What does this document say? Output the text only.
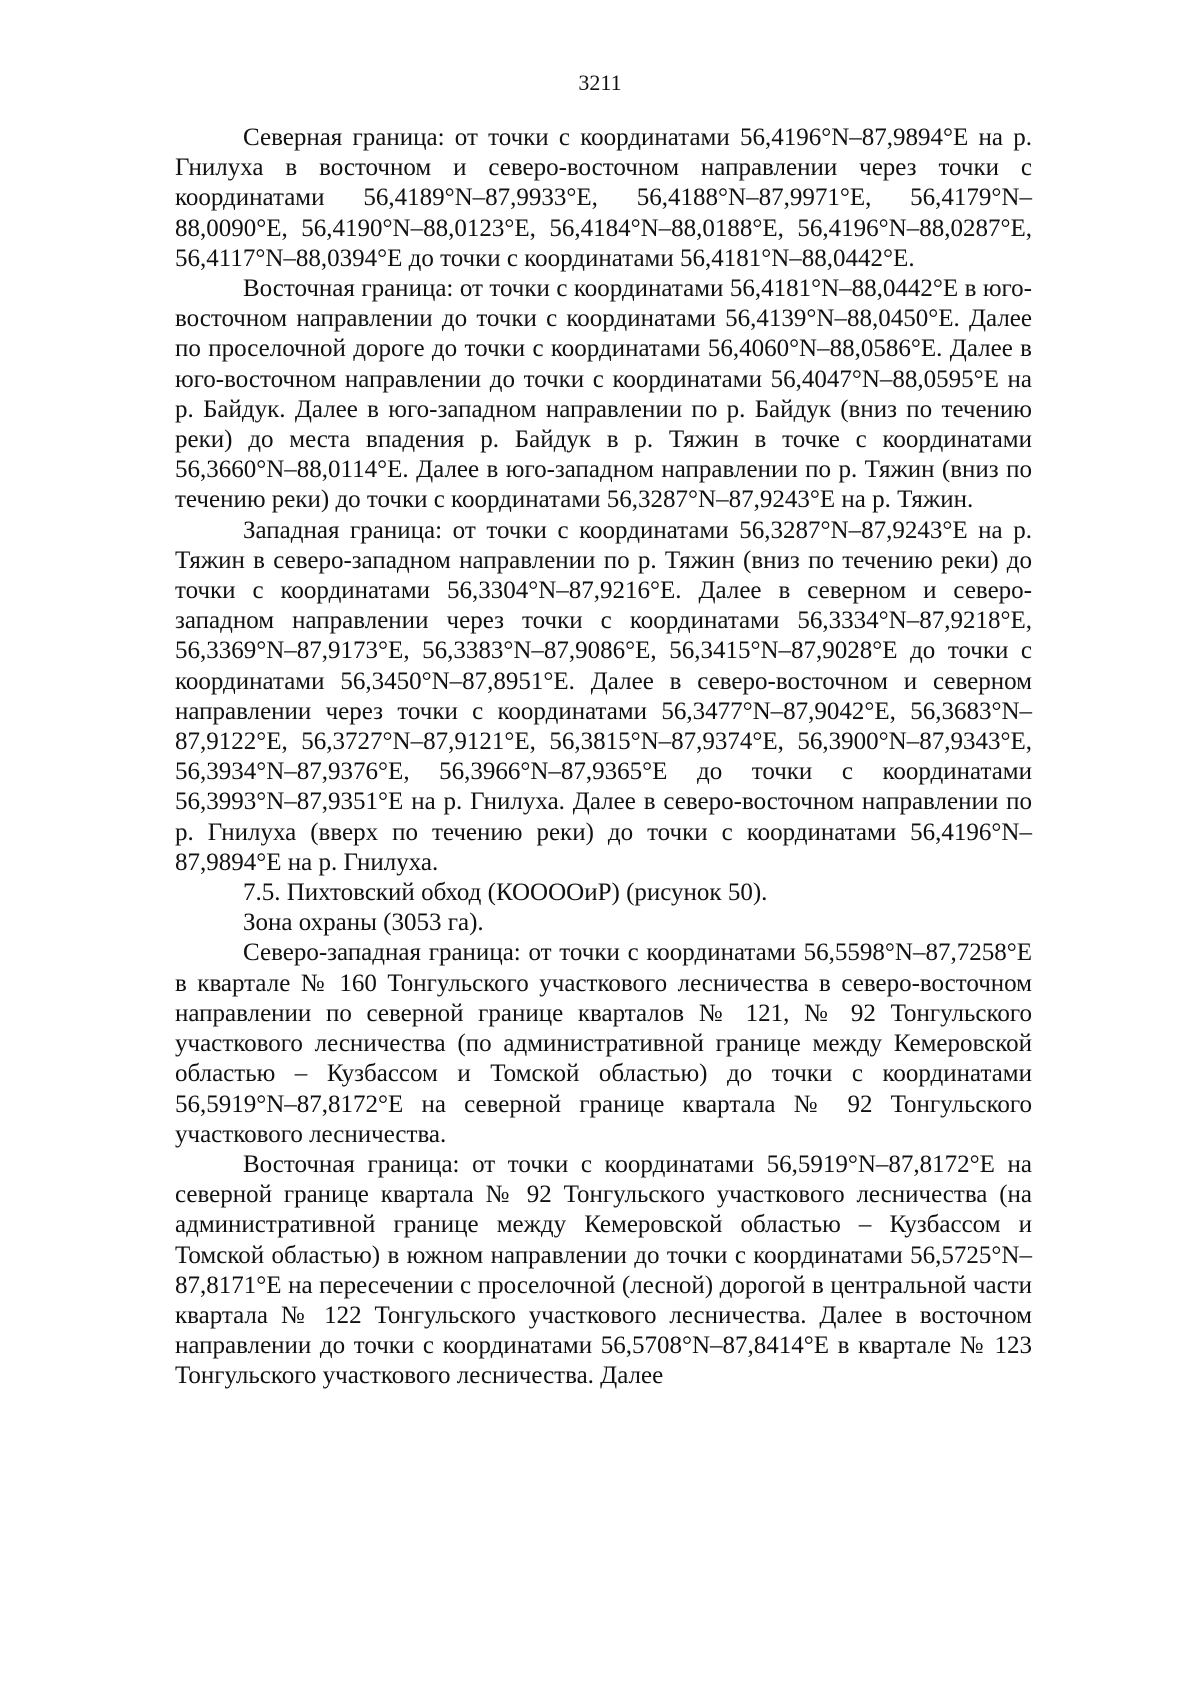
3211

Северная граница: от точки с координатами 56,4196°N–87,9894°E на р. Гнилуха в восточном и северо-восточном направлении через точки с координатами 56,4189°N–87,9933°E, 56,4188°N–87,9971°E, 56,4179°N–88,0090°E, 56,4190°N–88,0123°E, 56,4184°N–88,0188°E, 56,4196°N–88,0287°E, 56,4117°N–88,0394°E до точки с координатами 56,4181°N–88,0442°E.

Восточная граница: от точки с координатами 56,4181°N–88,0442°E в юго-восточном направлении до точки с координатами 56,4139°N–88,0450°E. Далее по проселочной дороге до точки с координатами 56,4060°N–88,0586°E. Далее в юго-восточном направлении до точки с координатами 56,4047°N–88,0595°E на р. Байдук. Далее в юго-западном направлении по р. Байдук (вниз по течению реки) до места впадения р. Байдук в р. Тяжин в точке с координатами 56,3660°N–88,0114°E. Далее в юго-западном направлении по р. Тяжин (вниз по течению реки) до точки с координатами 56,3287°N–87,9243°E на р. Тяжин.

Западная граница: от точки с координатами 56,3287°N–87,9243°E на р. Тяжин в северо-западном направлении по р. Тяжин (вниз по течению реки) до точки с координатами 56,3304°N–87,9216°E. Далее в северном и северо-западном направлении через точки с координатами 56,3334°N–87,9218°E, 56,3369°N–87,9173°E, 56,3383°N–87,9086°E, 56,3415°N–87,9028°E до точки с координатами 56,3450°N–87,8951°E. Далее в северо-восточном и северном направлении через точки с координатами 56,3477°N–87,9042°E, 56,3683°N–87,9122°E, 56,3727°N–87,9121°E, 56,3815°N–87,9374°E, 56,3900°N–87,9343°E, 56,3934°N–87,9376°E, 56,3966°N–87,9365°E до точки с координатами 56,3993°N–87,9351°E на р. Гнилуха. Далее в северо-восточном направлении по р. Гнилуха (вверх по течению реки) до точки с координатами 56,4196°N–87,9894°E на р. Гнилуха.

7.5. Пихтовский обход (КООООиР) (рисунок 50).

Зона охраны (3053 га).

Северо-западная граница: от точки с координатами 56,5598°N–87,7258°E в квартале № 160 Тонгульского участкового лесничества в северо-восточном направлении по северной границе кварталов № 121, № 92 Тонгульского участкового лесничества (по административной границе между Кемеровской областью – Кузбассом и Томской областью) до точки с координатами 56,5919°N–87,8172°E на северной границе квартала № 92 Тонгульского участкового лесничества.

Восточная граница: от точки с координатами 56,5919°N–87,8172°E на северной границе квартала № 92 Тонгульского участкового лесничества (на административной границе между Кемеровской областью – Кузбассом и Томской областью) в южном направлении до точки с координатами 56,5725°N–87,8171°E на пересечении с проселочной (лесной) дорогой в центральной части квартала № 122 Тонгульского участкового лесничества. Далее в восточном направлении до точки с координатами 56,5708°N–87,8414°E в квартале № 123 Тонгульского участкового лесничества. Далее
